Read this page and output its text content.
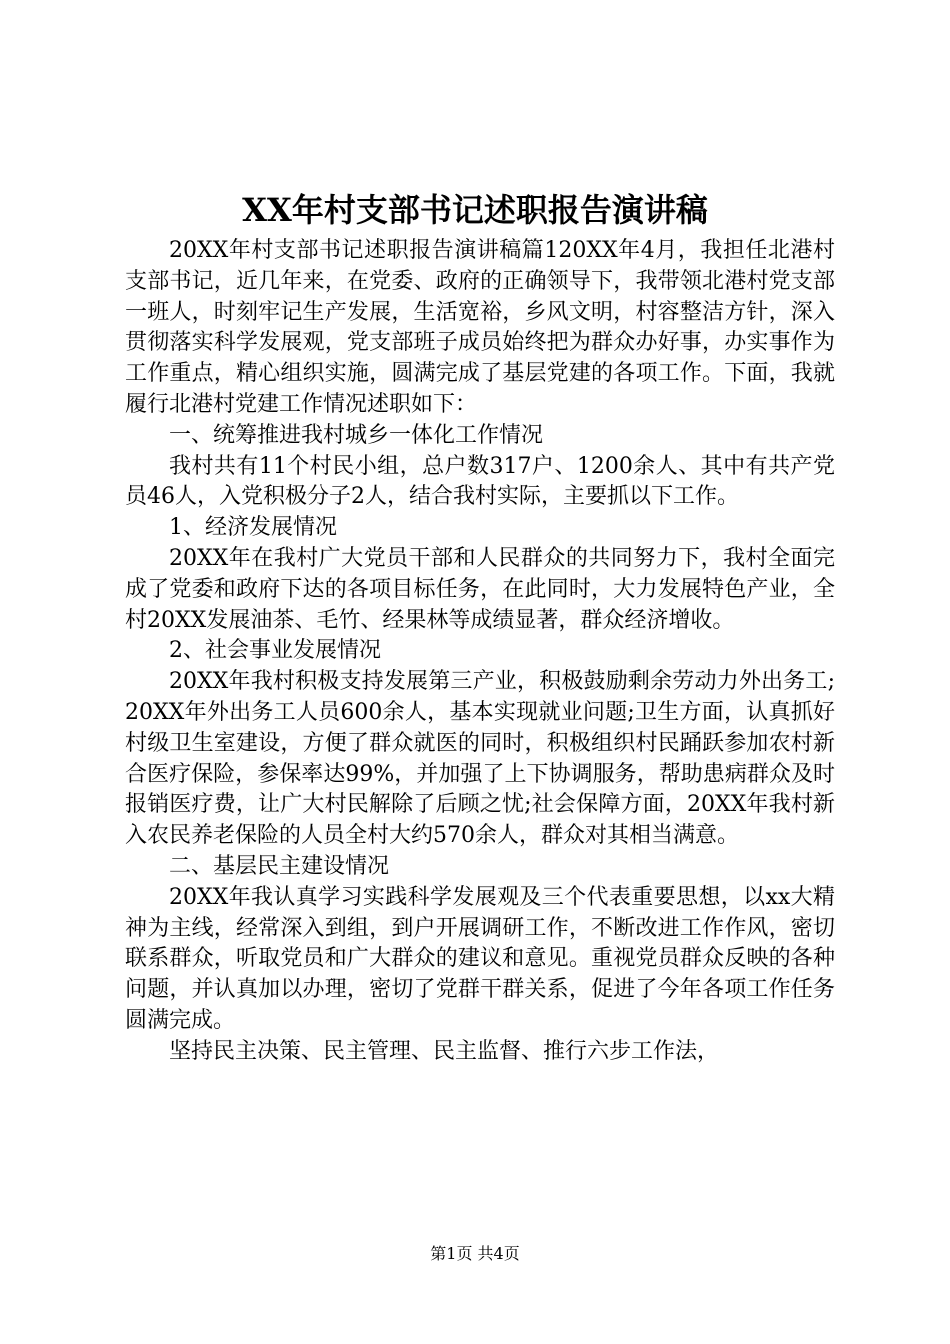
XX年村支部书记述职报告演讲稿

20XX年村支部书记述职报告演讲稿篇120XX年4月，我担任北港村支部书记，近几年来，在党委、政府的正确领导下，我带领北港村党支部一班人，时刻牢记生产发展，生活宽裕，乡风文明，村容整洁方针，深入贯彻落实科学发展观，党支部班子成员始终把为群众办好事，办实事作为工作重点，精心组织实施，圆满完成了基层党建的各项工作。下面，我就履行北港村党建工作情况述职如下：

一、统筹推进我村城乡一体化工作情况

我村共有11个村民小组，总户数317户、1200余人、其中有共产党员46人，入党积极分子2人，结合我村实际，主要抓以下工作。

1、经济发展情况

20XX年在我村广大党员干部和人民群众的共同努力下，我村全面完成了党委和政府下达的各项目标任务，在此同时，大力发展特色产业，全村20XX发展油茶、毛竹、经果林等成绩显著，群众经济增收。

2、社会事业发展情况

20XX年我村积极支持发展第三产业，积极鼓励剩余劳动力外出务工;20XX年外出务工人员600余人，基本实现就业问题;卫生方面，认真抓好村级卫生室建设，方便了群众就医的同时，积极组织村民踊跃参加农村新合医疗保险，参保率达99%，并加强了上下协调服务，帮助患病群众及时报销医疗费，让广大村民解除了后顾之忧;社会保障方面，20XX年我村新入农民养老保险的人员全村大约570余人，群众对其相当满意。

二、基层民主建设情况

20XX年我认真学习实践科学发展观及三个代表重要思想，以xx大精神为主线，经常深入到组，到户开展调研工作，不断改进工作作风，密切联系群众，听取党员和广大群众的建议和意见。重视党员群众反映的各种问题，并认真加以办理，密切了党群干群关系，促进了今年各项工作任务圆满完成。

坚持民主决策、民主管理、民主监督、推行六步工作法，

第1页 共4页
